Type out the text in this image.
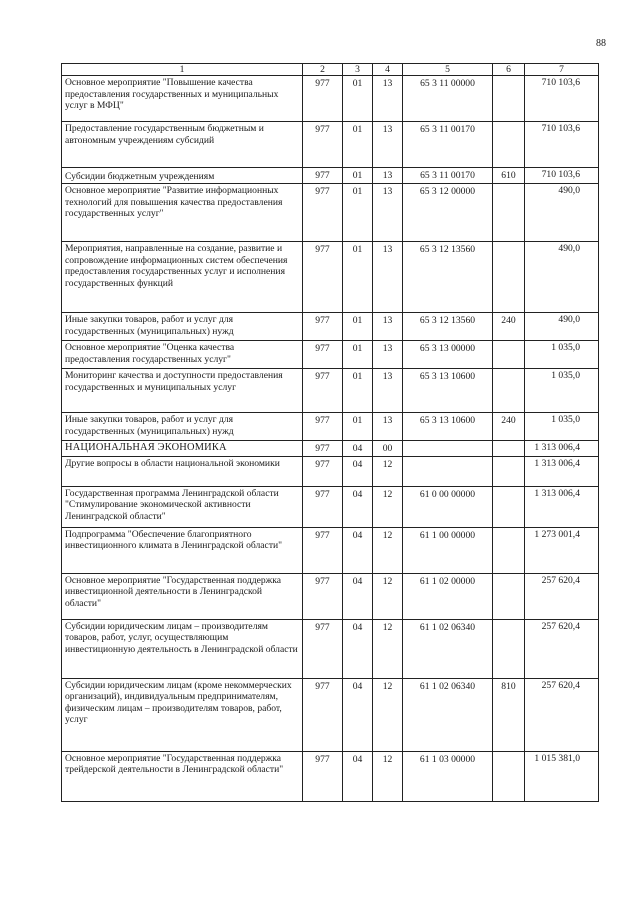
88
1	2	3	4	5	6	7
Основное мероприятие "Повышение качества предоставления государственных и муниципальных услуг в МФЦ"	977	01	13	65 3 11 00000		710 103,6
Предоставление государственным бюджетным и автономным учреждениям субсидий	977	01	13	65 3 11 00170		710 103,6
Субсидии бюджетным учреждениям	977	01	13	65 3 11 00170	610	710 103,6
Основное мероприятие "Развитие информационных технологий для повышения качества предоставления государственных услуг"	977	01	13	65 3 12 00000		490,0
Мероприятия, направленные на создание, развитие и сопровождение информационных систем обеспечения предоставления государственных услуг и исполнения государственных функций	977	01	13	65 3 12 13560		490,0
Иные закупки товаров, работ и услуг для государственных (муниципальных) нужд	977	01	13	65 3 12 13560	240	490,0
Основное мероприятие "Оценка качества предоставления государственных услуг"	977	01	13	65 3 13 00000		1 035,0
Мониторинг качества и доступности предоставления государственных и муниципальных услуг	977	01	13	65 3 13 10600		1 035,0
Иные закупки товаров, работ и услуг для государственных (муниципальных) нужд	977	01	13	65 3 13 10600	240	1 035,0
НАЦИОНАЛЬНАЯ ЭКОНОМИКА	977	04	00			1 313 006,4
Другие вопросы в области национальной экономики	977	04	12			1 313 006,4
Государственная программа Ленинградской области "Стимулирование экономической активности Ленинградской области"	977	04	12	61 0 00 00000		1 313 006,4
Подпрограмма "Обеспечение благоприятного инвестиционного климата в Ленинградской области"	977	04	12	61 1 00 00000		1 273 001,4
Основное мероприятие "Государственная поддержка инвестиционной деятельности в Ленинградской области"	977	04	12	61 1 02 00000		257 620,4
Субсидии юридическим лицам – производителям товаров, работ, услуг, осуществляющим инвестиционную деятельность в Ленинградской области	977	04	12	61 1 02 06340		257 620,4
Субсидии юридическим лицам (кроме некоммерческих организаций), индивидуальным предпринимателям, физическим лицам – производителям товаров, работ, услуг	977	04	12	61 1 02 06340	810	257 620,4
Основное мероприятие "Государственная поддержка трейдерской деятельности в Ленинградской области"	977	04	12	61 1 03 00000		1 015 381,0
